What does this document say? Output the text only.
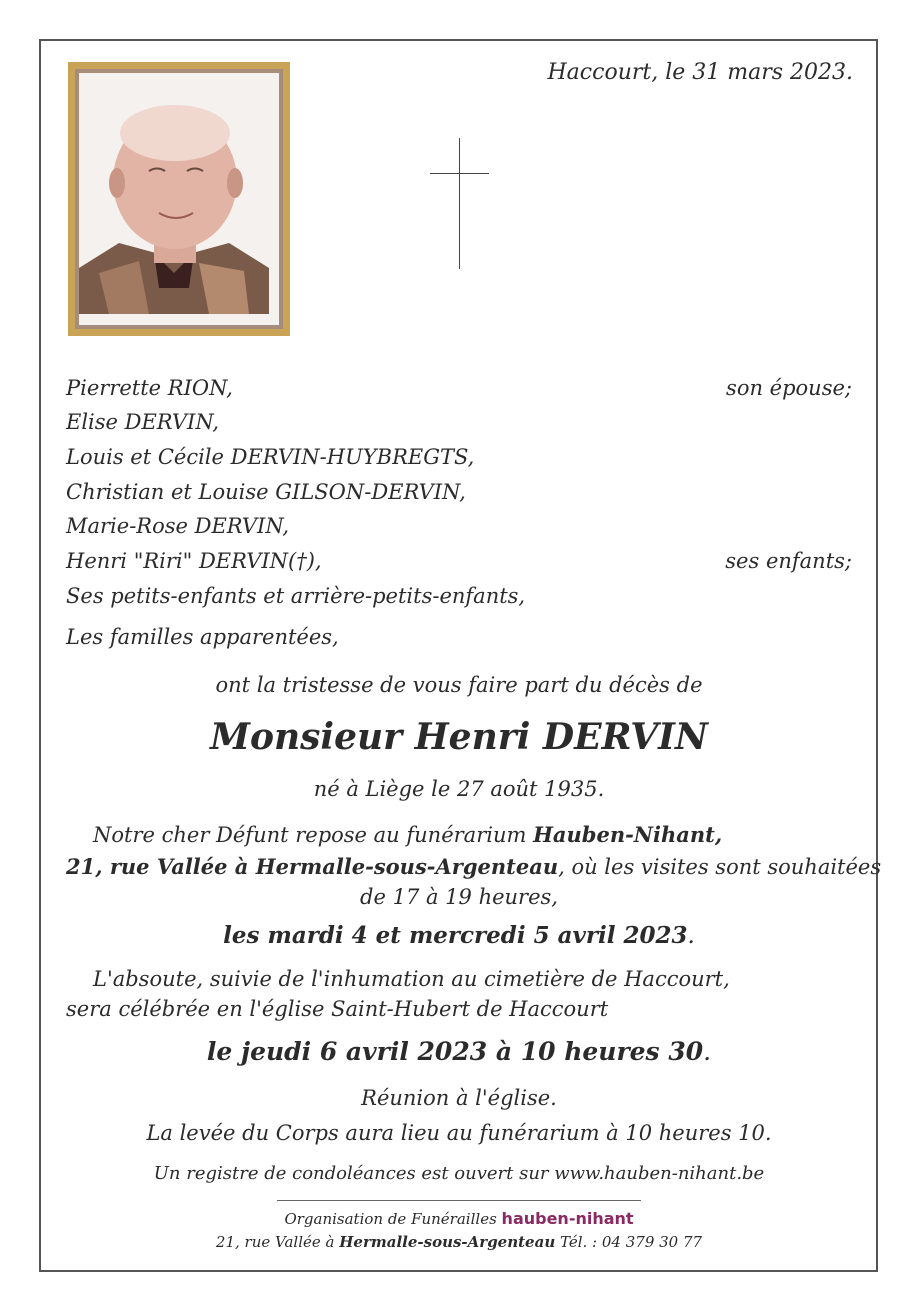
Haccourt, le 31 mars 2023.
Pierrette RION,	son épouse;
Elise DERVIN,
Louis et Cécile DERVIN-HUYBREGTS,
Christian et Louise GILSON-DERVIN,
Marie-Rose DERVIN,
Henri "Riri" DERVIN(†),	ses enfants;
Ses petits-enfants et arrière-petits-enfants,
Les familles apparentées,
ont la tristesse de vous faire part du décès de
Monsieur Henri DERVIN
né à Liège le 27 août 1935.
Notre cher Défunt repose au funérarium Hauben-Nihant,
21, rue Vallée à Hermalle-sous-Argenteau, où les visites sont souhaitées
de 17 à 19 heures,
les mardi 4 et mercredi 5 avril 2023.
L'absoute, suivie de l'inhumation au cimetière de Haccourt,
sera célébrée en l'église Saint-Hubert de Haccourt
le jeudi 6 avril 2023 à 10 heures 30.
Réunion à l'église.
La levée du Corps aura lieu au funérarium à 10 heures 10.
Un registre de condoléances est ouvert sur www.hauben-nihant.be
Organisation de Funérailles hauben-nihant
21, rue Vallée à Hermalle-sous-Argenteau Tél. : 04 379 30 77
